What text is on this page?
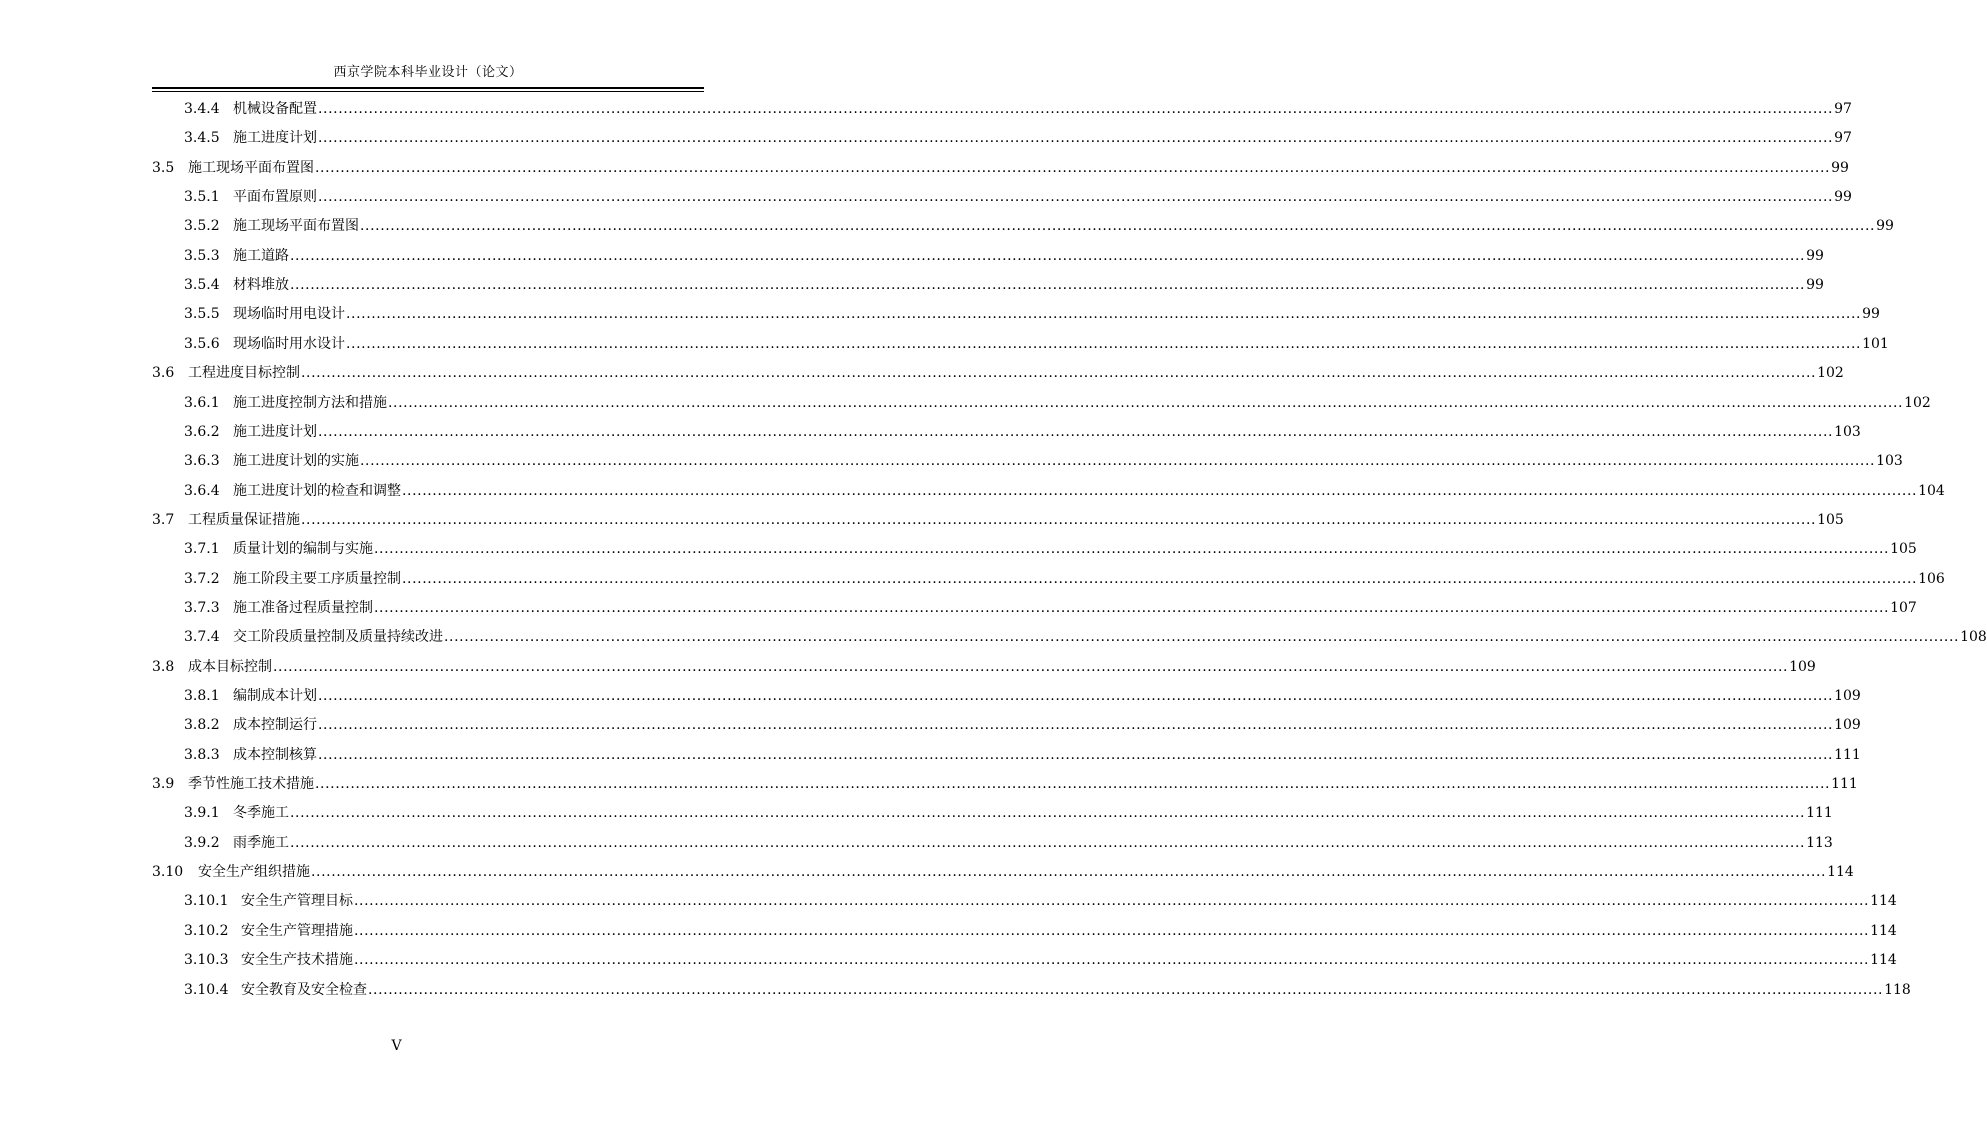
西京学院本科毕业设计（论文）
3.4.4 机械设备配置 ............................................................................................................................................................................................................................................................................................................ 97
3.4.5 施工进度计划 ............................................................................................................................................................................................................................................................................................................ 97
3.5 施工现场平面布置图 ............................................................................................................................................................................................................................................................................................................ 99
3.5.1 平面布置原则 ............................................................................................................................................................................................................................................................................................................ 99
3.5.2 施工现场平面布置图 ............................................................................................................................................................................................................................................................................................................ 99
3.5.3 施工道路 ............................................................................................................................................................................................................................................................................................................ 99
3.5.4 材料堆放 ............................................................................................................................................................................................................................................................................................................ 99
3.5.5 现场临时用电设计 ............................................................................................................................................................................................................................................................................................................ 99
3.5.6 现场临时用水设计 ............................................................................................................................................................................................................................................................................................................ 101
3.6 工程进度目标控制 ............................................................................................................................................................................................................................................................................................................ 102
3.6.1 施工进度控制方法和措施 ............................................................................................................................................................................................................................................................................................................ 102
3.6.2 施工进度计划 ............................................................................................................................................................................................................................................................................................................ 103
3.6.3 施工进度计划的实施 ............................................................................................................................................................................................................................................................................................................ 103
3.6.4 施工进度计划的检查和调整 ............................................................................................................................................................................................................................................................................................................ 104
3.7 工程质量保证措施 ............................................................................................................................................................................................................................................................................................................ 105
3.7.1 质量计划的编制与实施 ............................................................................................................................................................................................................................................................................................................ 105
3.7.2 施工阶段主要工序质量控制 ............................................................................................................................................................................................................................................................................................................ 106
3.7.3 施工准备过程质量控制 ............................................................................................................................................................................................................................................................................................................ 107
3.7.4 交工阶段质量控制及质量持续改进 ............................................................................................................................................................................................................................................................................................................ 108
3.8 成本目标控制 ............................................................................................................................................................................................................................................................................................................ 109
3.8.1 编制成本计划 ............................................................................................................................................................................................................................................................................................................ 109
3.8.2 成本控制运行 ............................................................................................................................................................................................................................................................................................................ 109
3.8.3 成本控制核算 ............................................................................................................................................................................................................................................................................................................ 111
3.9 季节性施工技术措施 ............................................................................................................................................................................................................................................................................................................ 111
3.9.1 冬季施工 ............................................................................................................................................................................................................................................................................................................ 111
3.9.2 雨季施工 ............................................................................................................................................................................................................................................................................................................ 113
3.10	安全生产组织措施 ............................................................................................................................................................................................................................................................................................................ 114
3.10.1 安全生产管理目标 ............................................................................................................................................................................................................................................................................................................ 114
3.10.2 安全生产管理措施 ............................................................................................................................................................................................................................................................................................................ 114
3.10.3 安全生产技术措施 ............................................................................................................................................................................................................................................................................................................ 114
3.10.4 安全教育及安全检查 ............................................................................................................................................................................................................................................................................................................ 118
V
